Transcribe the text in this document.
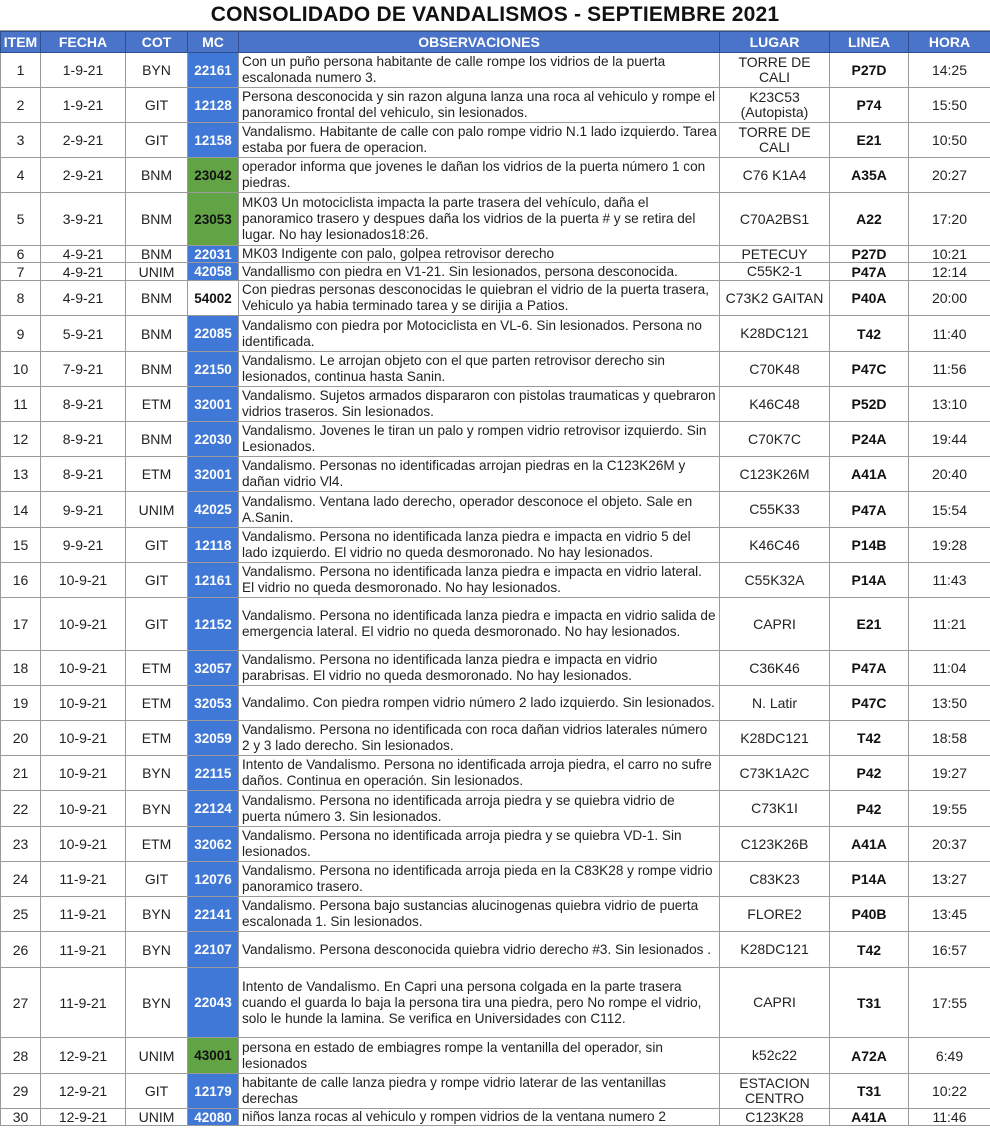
CONSOLIDADO DE VANDALISMOS - SEPTIEMBRE 2021
ITEM	FECHA	COT	MC	OBSERVACIONES	LUGAR	LINEA	HORA
1	1-9-21	BYN	22161	Con un puño persona habitante de calle rompe los vidrios de la puerta escalonada numero 3.	TORRE DE CALI	P27D	14:25
2	1-9-21	GIT	12128	Persona desconocida y sin razon alguna lanza una roca al vehiculo y rompe el panoramico frontal del vehiculo, sin lesionados.	K23C53 (Autopista)	P74	15:50
3	2-9-21	GIT	12158	Vandalismo. Habitante de calle con palo rompe vidrio N.1 lado izquierdo. Tarea estaba por fuera de operacion.	TORRE DE CALI	E21	10:50
4	2-9-21	BNM	23042	operador informa que jovenes le dañan los vidrios de la puerta número 1 con piedras.	C76 K1A4	A35A	20:27
5	3-9-21	BNM	23053	MK03 Un motociclista impacta la parte trasera del vehículo, daña el panoramico trasero y despues daña los vidrios de la puerta # y se retira del lugar. No hay lesionados18:26.	C70A2BS1	A22	17:20
6	4-9-21	BNM	22031	MK03 Indigente con palo, golpea retrovisor derecho	PETECUY	P27D	10:21
7	4-9-21	UNIM	42058	Vandallismo con piedra en V1-21. Sin lesionados, persona desconocida.	C55K2-1	P47A	12:14
8	4-9-21	BNM	54002	Con piedras personas desconocidas le quiebran el vidrio de la puerta trasera, Vehiculo ya habia terminado tarea y se dirijia a Patios.	C73K2 GAITAN	P40A	20:00
9	5-9-21	BNM	22085	Vandalismo con piedra por Motociclista en VL-6. Sin lesionados. Persona no identificada.	K28DC121	T42	11:40
10	7-9-21	BNM	22150	Vandalismo. Le arrojan objeto con el que parten retrovisor derecho sin lesionados, continua hasta Sanin.	C70K48	P47C	11:56
11	8-9-21	ETM	32001	Vandalismo. Sujetos armados dispararon con pistolas traumaticas y quebraron vidrios traseros. Sin lesionados.	K46C48	P52D	13:10
12	8-9-21	BNM	22030	Vandalismo. Jovenes le tiran un palo y rompen vidrio retrovisor izquierdo. Sin Lesionados.	C70K7C	P24A	19:44
13	8-9-21	ETM	32001	Vandalismo. Personas no identificadas arrojan piedras en la C123K26M y dañan vidrio Vl4.	C123K26M	A41A	20:40
14	9-9-21	UNIM	42025	Vandalismo. Ventana lado derecho, operador desconoce el objeto. Sale en A.Sanin.	C55K33	P47A	15:54
15	9-9-21	GIT	12118	Vandalismo. Persona no identificada lanza piedra e impacta en vidrio 5 del lado izquierdo. El vidrio no queda desmoronado. No hay lesionados.	K46C46	P14B	19:28
16	10-9-21	GIT	12161	Vandalismo. Persona no identificada lanza piedra e impacta en vidrio lateral. El vidrio no queda desmoronado. No hay lesionados.	C55K32A	P14A	11:43
17	10-9-21	GIT	12152	Vandalismo. Persona no identificada lanza piedra e impacta en vidrio salida de emergencia lateral. El vidrio no queda desmoronado. No hay lesionados.	CAPRI	E21	11:21
18	10-9-21	ETM	32057	Vandalismo. Persona no identificada lanza piedra e impacta en vidrio parabrisas. El vidrio no queda desmoronado. No hay lesionados.	C36K46	P47A	11:04
19	10-9-21	ETM	32053	Vandalimo. Con piedra rompen vidrio número 2 lado izquierdo. Sin lesionados.	N. Latir	P47C	13:50
20	10-9-21	ETM	32059	Vandalismo. Persona no identificada con roca dañan vidrios laterales número 2 y 3 lado derecho. Sin lesionados.	K28DC121	T42	18:58
21	10-9-21	BYN	22115	Intento de Vandalismo. Persona no identificada arroja piedra, el carro no sufre daños. Continua en operación. Sin lesionados.	C73K1A2C	P42	19:27
22	10-9-21	BYN	22124	Vandalismo. Persona no identificada arroja piedra y se quiebra vidrio de puerta número 3. Sin lesionados.	C73K1I	P42	19:55
23	10-9-21	ETM	32062	Vandalismo. Persona no identificada arroja piedra y se quiebra VD-1. Sin lesionados.	C123K26B	A41A	20:37
24	11-9-21	GIT	12076	Vandalismo. Persona no identificada arroja pieda en la C83K28 y rompe vidrio panoramico trasero.	C83K23	P14A	13:27
25	11-9-21	BYN	22141	Vandalismo. Persona bajo sustancias alucinogenas quiebra vidrio de puerta escalonada 1. Sin lesionados.	FLORE2	P40B	13:45
26	11-9-21	BYN	22107	Vandalismo. Persona desconocida quiebra vidrio derecho #3. Sin lesionados .	K28DC121	T42	16:57
27	11-9-21	BYN	22043	Intento de Vandalismo. En Capri una persona colgada en la parte trasera cuando el guarda lo baja la persona tira una piedra, pero No rompe el vidrio, solo le hunde la lamina. Se verifica en Universidades con C112.	CAPRI	T31	17:55
28	12-9-21	UNIM	43001	persona en estado de embiagres rompe la ventanilla del operador, sin lesionados	k52c22	A72A	6:49
29	12-9-21	GIT	12179	habitante de calle lanza piedra y rompe vidrio laterar de las ventanillas derechas	ESTACION CENTRO	T31	10:22
30	12-9-21	UNIM	42080	niños lanza rocas al vehiculo y rompen vidrios de la ventana numero 2	C123K28	A41A	11:46
